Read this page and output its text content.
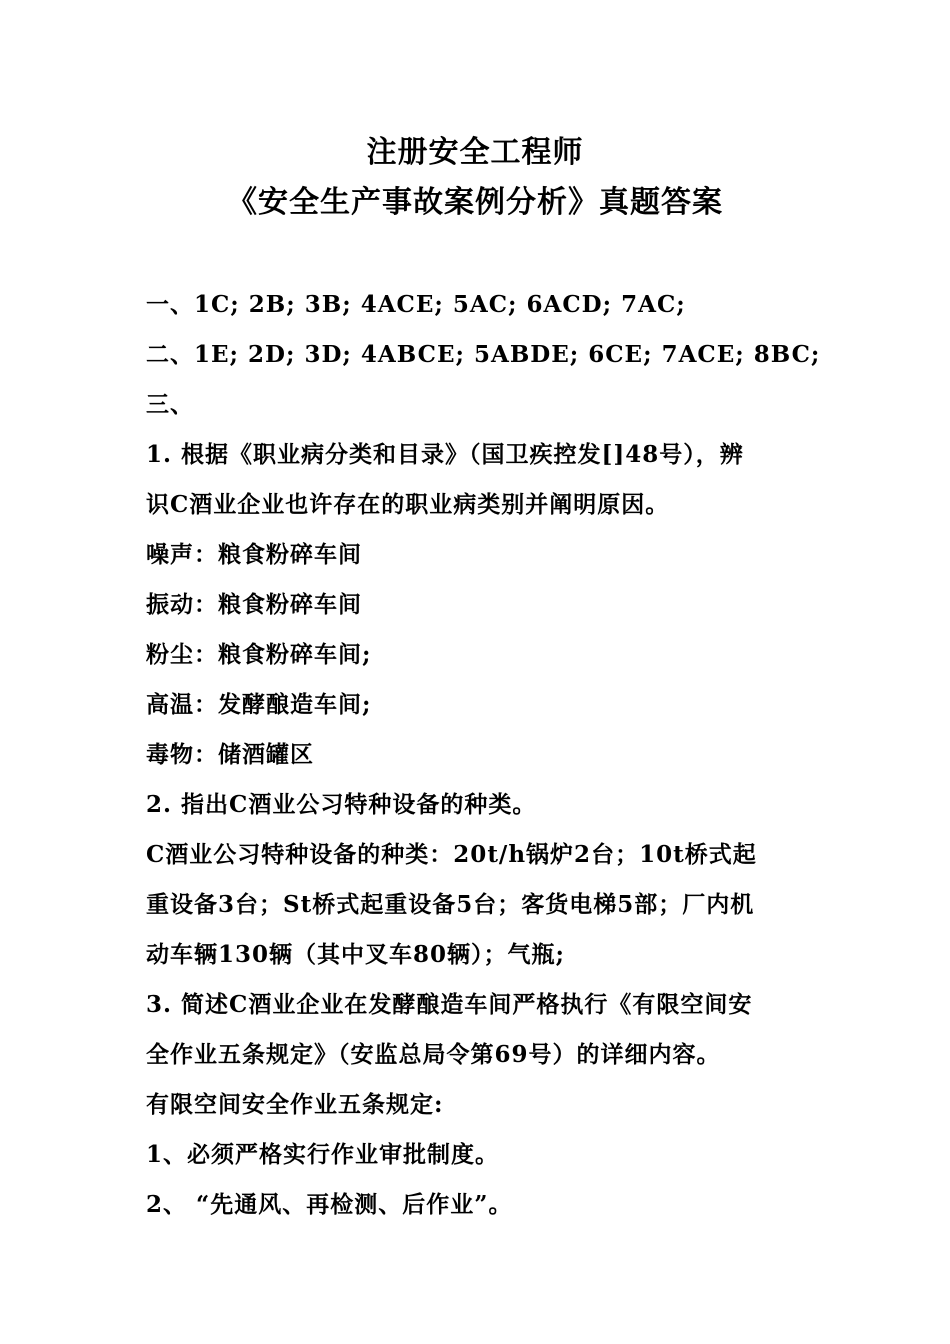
注册安全工程师
《安全生产事故案例分析》真题答案
一、1C; 2B; 3B; 4ACE; 5AC; 6ACD; 7AC;
二、1E; 2D; 3D; 4ABCE; 5ABDE; 6CE; 7ACE; 8BC;
三、
1. 根据《职业病分类和目录》（国卫疾控发[]48号），辨
识C酒业企业也许存在的职业病类别并阐明原因。
噪声：粮食粉碎车间
振动：粮食粉碎车间
粉尘：粮食粉碎车间;
高温：发酵酿造车间;
毒物：储酒罐区
2. 指出C酒业公习特种设备的种类。
C酒业公习特种设备的种类：20t/h锅炉2台；10t桥式起
重设备3台；St桥式起重设备5台；客货电梯5部；厂内机
动车辆130辆（其中叉车80辆）；气瓶;
3. 简述C酒业企业在发酵酿造车间严格执行《有限空间安
全作业五条规定》（安监总局令第69号）的详细内容。
有限空间安全作业五条规定:
1、必须严格实行作业审批制度。
2、 “先通风、再检测、后作业”。
